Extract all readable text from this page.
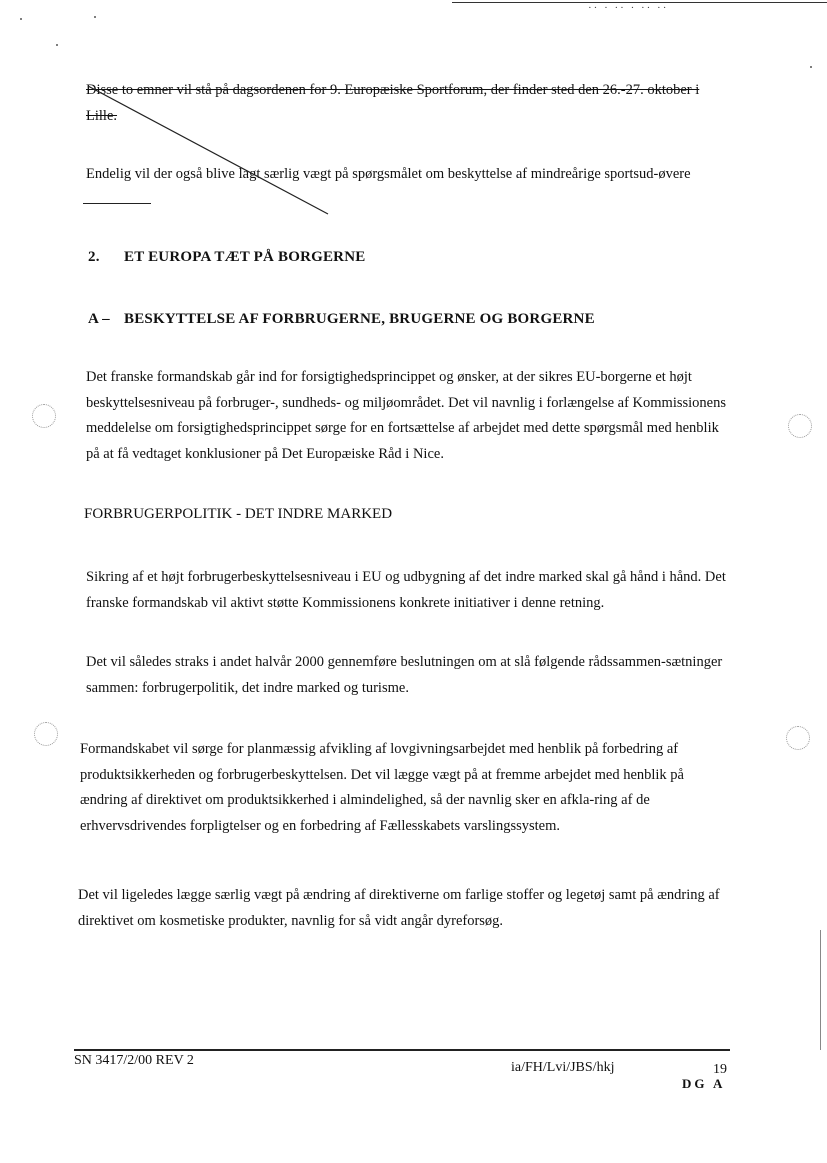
·· · ·· · ·· ··
Disse to emner vil stå på dagsordenen for 9. Europæiske Sportforum, der finder sted den 26.-27. oktober i Lille.
Endelig vil der også blive lagt særlig vægt på spørgsmålet om beskyttelse af mindreårige sportsud-øvere
2. ET EUROPA TÆT PÅ BORGERNE
A – BESKYTTELSE AF FORBRUGERNE, BRUGERNE OG BORGERNE
Det franske formandskab går ind for forsigtighedsprincippet og ønsker, at der sikres EU-borgerne et højt beskyttelsesniveau på forbruger-, sundheds- og miljøområdet. Det vil navnlig i forlængelse af Kommissionens meddelelse om forsigtighedsprincippet sørge for en fortsættelse af arbejdet med dette spørgsmål med henblik på at få vedtaget konklusioner på Det Europæiske Råd i Nice.
FORBRUGERPOLITIK - DET INDRE MARKED
Sikring af et højt forbrugerbeskyttelsesniveau i EU og udbygning af det indre marked skal gå hånd i hånd. Det franske formandskab vil aktivt støtte Kommissionens konkrete initiativer i denne retning.
Det vil således straks i andet halvår 2000 gennemføre beslutningen om at slå følgende rådssammen-sætninger sammen: forbrugerpolitik, det indre marked og turisme.
Formandskabet vil sørge for planmæssig afvikling af lovgivningsarbejdet med henblik på forbedring af produktsikkerheden og forbrugerbeskyttelsen. Det vil lægge vægt på at fremme arbejdet med henblik på ændring af direktivet om produktsikkerhed i almindelighed, så der navnlig sker en afkla-ring af de erhvervsdrivendes forpligtelser og en forbedring af Fællesskabets varslingssystem.
Det vil ligeledes lægge særlig vægt på ændring af direktiverne om farlige stoffer og legetøj samt på ændring af direktivet om kosmetiske produkter, navnlig for så vidt angår dyreforsøg.
SN 3417/2/00 REV 2	ia/FH/Lvi/JBS/hkj	19
DG A
